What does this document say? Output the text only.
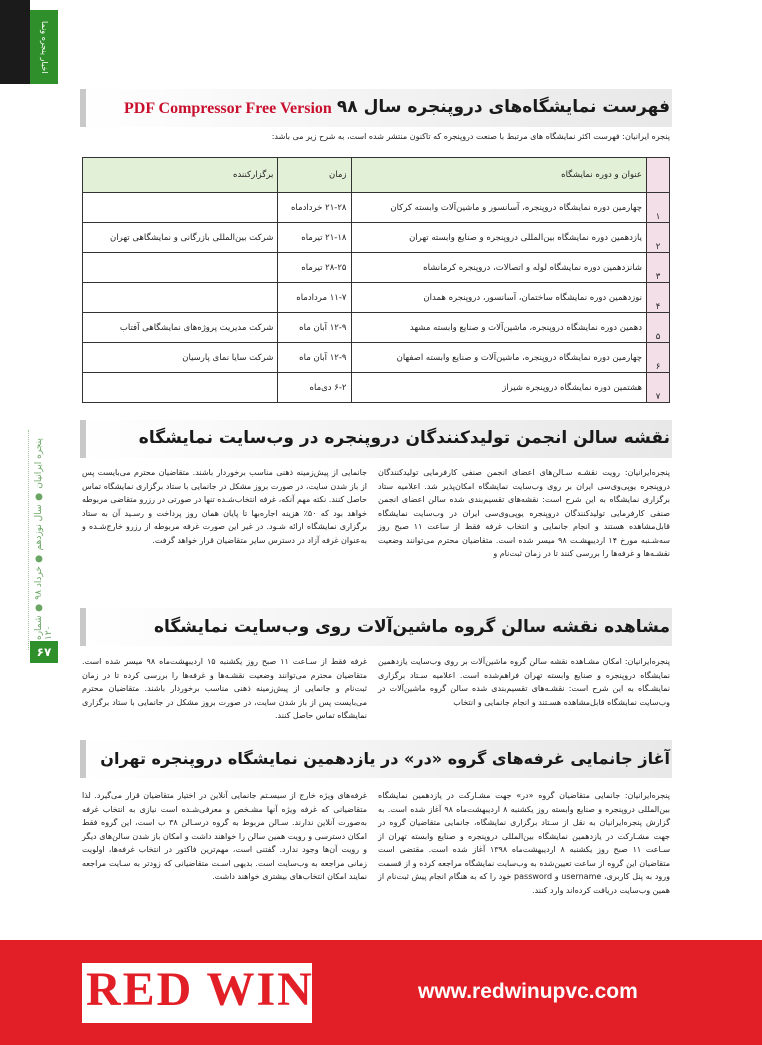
اخبار پنجره ونما
پنجره ایرانیان ● سال نوزدهم ● خرداد ۹۸ ● شماره ۱۲۰
۶۷
فهرست نمایشگاه‌های درو‌پنجره سال ۹۸
PDF Compressor Free Version
پنجره ایرانیان: فهرست اکثر نمایشگاه های مرتبط با صنعت درو‌پنجره که تاکنون منتشر شده است، به شرح زیر می باشد:
	عنوان و دوره نمایشگاه	زمان	برگزارکننده
۱	چهارمین دوره نمایشگاه دروپنجره، آسانسور و ماشین‌آلات وابسته کرکان	۲۱-۲۸ خرداد‌ماه	
۲	یازدهمین دوره نمایشگاه بین‌المللی درو‌پنجره و صنایع وابسته تهران	۲۱-۱۸ تیرماه	شرکت بین‌المللی بازرگانی و نمایشگاهی تهران
۳	شانزدهمین دوره نمایشگاه لوله و اتصالات، درو‌پنجره کرمانشاه	۲۸-۲۵ تیرماه	
۴	نوزدهمین دوره نمایشگاه ساختمان، آسانسور، دروپنجره همدان	۱۱-۷ مردادماه	
۵	دهمین دوره نمایشگاه دروپنجره، ماشین‌آلات و صنایع وابسته مشهد	۱۲-۹ آبان ماه	شرکت مدیریت پروژه‌های نمایشگاهی آفتاب
۶	چهارمین دوره نمایشگاه درو‌پنجره، ماشین‌آلات و صنایع وابسته اصفهان	۱۲-۹ آبان ماه	شرکت سایا نمای پارسیان
۷	هشتمین دوره نمایشگاه دروپنجره شیراز	۶-۲ دی‌ماه	
نقشه سالن انجمن تولیدکنندگان درو‌پنجره در وب‌سایت نمایشگاه
پنجره‌ایرانیان: رویت نقشـه سـالن‌های اعضای انجمن صنفی کارفرمایی تولیدکنندگان درو‌پنجره یو‌پی‌وی‌سی ایران بر روی وب‌سایت نمایشگاه امکان‌پذیر شد. اعلامیه ستاد برگزاری نمایشگاه به این شرح است: نقشه‌های تقسیم‌بندی شده سالن اعضای انجمن صنفی کارفرمایی تولیدکنندگان درو‌پنجره یو‌پی‌وی‌سی ایران در وب‌سایت نمایشگاه قابل‌مشاهده هستند و انجام جانمایی و انتخاب غرفه فقط از ساعت ۱۱ صبح روز سه‌شـنبه مورخ ۱۴ اردیبهشـت ۹۸ میسر شده است. متقاضیان محترم می‌توانند وضعیت نقشـه‌ها و غرفه‌ها را بررسی کنند تا در زمان ثبت‌نام و
جانمایی از پیش‌زمینه ذهنی مناسب برخوردار باشند. متقاضیان محترم می‌بایست پس از باز شدن سایت، در صورت بروز مشکل در جانمایی با ستاد برگزاری نمایشگاه تماس حاصل کنند. نکته مهم آنکه، غرفه انتخاب‌شـده تنها در صورتی در رزرو متقاضی مربوطه خواهد بود که ۵۰٪ هزینه اجاره‌بها تا پایان همان روز پرداخت و رسـید آن به ستاد برگزاری نمایشگاه ارائه شـود. در غیر این صورت غرفه مربوطه از رزرو خارج‌شـده و به‌عنوان غرفه آزاد در دسترس سایر متقاضیان قرار خواهد گرفت.
مشاهده نقشه سالن گروه ماشین‌آلات روی وب‌سایت نمایشگاه
پنجره‌ایرانیان: امکان مشـاهده نقشه سالن گروه ماشین‌آلات بر روی وب‌سایت یازدهمین نمایشگاه دروپنجره و صنایع وابسته تهران فراهم‌شده است. اعلامیه سـتاد برگزاری نمایشـگاه به این شرح است: نقشـه‌های تقسیم‌بندی شده سالن گروه ماشین‌آلات در وب‌سایت نمایشگاه قابل‌مشاهده هسـتند و انجام جانمایی و انتخاب
غرفه فقط از سـاعت ۱۱ صبح روز یکشنبه ۱۵ اردیبهشت‌ماه ۹۸ میسر شده است. متقاضیان محترم می‌توانند وضعیت نقشـه‌ها و غرفه‌ها را بررسی کرده تا در زمان ثبت‌نام و جانمایی از پیش‌زمینه ذهنی مناسب برخوردار باشند. متقاضیان محترم می‌بایست پس از باز شدن سایت، در صورت بروز مشکل در جانمایی با ستاد برگزاری نمایشگاه تماس حاصل کنند.
آغاز جانمایی غرفه‌های گروه «در» در یازدهمین نمایشگاه درو‌پنجره تهران
پنجره‌ایرانیان: جانمایی متقاضیان گروه «در» جهت مشـارکت در یازدهمین نمایشگاه بین‌المللی دروپنجره و صنایع وابسته روز یکشنبه ۸ اردیبهشت‌ماه ۹۸ آغاز شده است. به گزارش پنجره‌ایرانیان به نقل از سـتاد برگزاری نمایشگاه، جانمایی متقاضیان گروه در جهت مشـارکت در یازدهمین نمایشگاه بین‌المللی درو‌پنجره و صنایع وابسته تهران از سـاعت ۱۱ صبح روز یکشنبه ۸ اردیبهشت‌ماه ۱۳۹۸ آغاز شده است. مقتضی است متقاضیان این گروه از ساعت تعیین‌شده به وب‌سایت نمایشگاه مراجعه کرده و از قسمت ورود به پنل کاربری، username و password خود را که به هنگام انجام پیش ثبت‌نام از همین وب‌سایت دریافت کرده‌اند وارد کنند.
غرفه‌های ویژه خارج از سیسـتم جانمایی آنلاین در اختیار متقاضیان قرار می‌گیرد. لذا متقاضیانی که غرفه ویژه آنها مشـخص و معرفی‌شـده است نیازی به انتخاب غرفه به‌صورت آنلاین ندارند. سـالن مربوط به گروه درسـالن ۳۸ ب است، این گروه فقط امکان دسترسی و رویت همین سالن را خواهند داشت و امکان باز شدن سالن‌های دیگر و رویت آن‌ها وجود ندارد. گفتنی است، مهم‌ترین فاکتور در انتخاب غرفه‌ها، اولویت زمانی مراجعه به وب‌سایت است. بدیهی اسـت متقاضیانی که زودتر به سـایت مراجعه نمایند امکان انتخاب‌های بیشتری خواهند داشت.
RED WIN	www.redwinupvc.com
